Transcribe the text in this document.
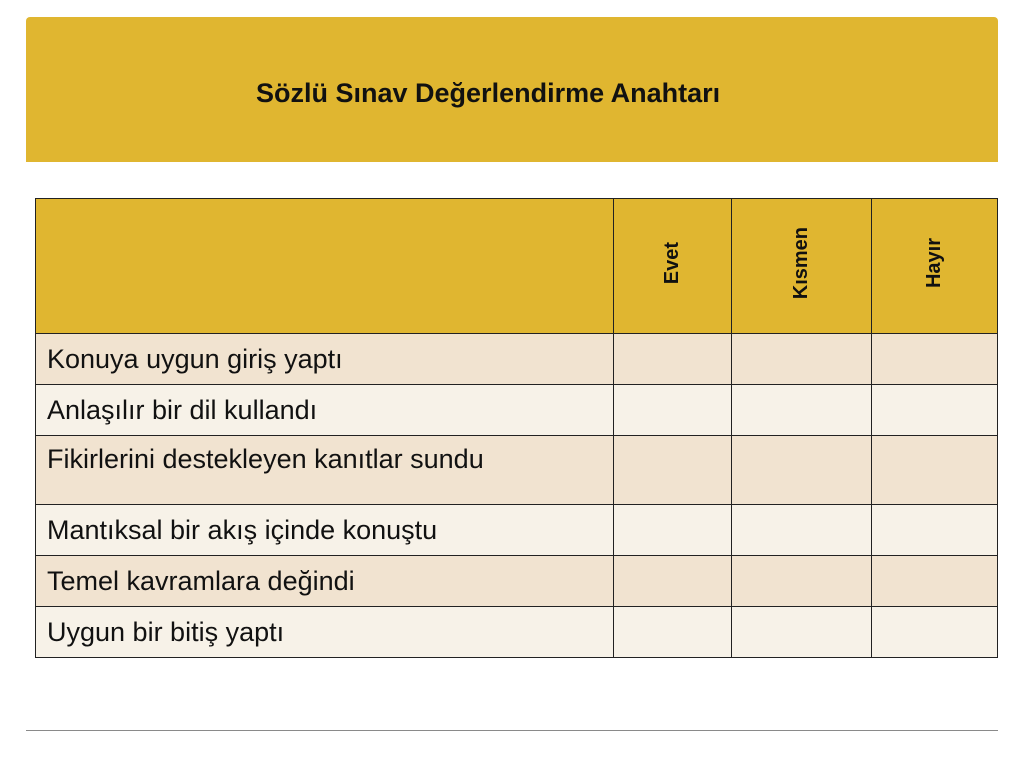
Sözlü Sınav Değerlendirme Anahtarı
	Evet	Kısmen	Hayır
Konuya uygun giriş yaptı			
Anlaşılır bir dil kullandı			
Fikirlerini destekleyen kanıtlar sundu			
Mantıksal bir akış içinde konuştu			
Temel kavramlara değindi			
Uygun bir bitiş yaptı			
